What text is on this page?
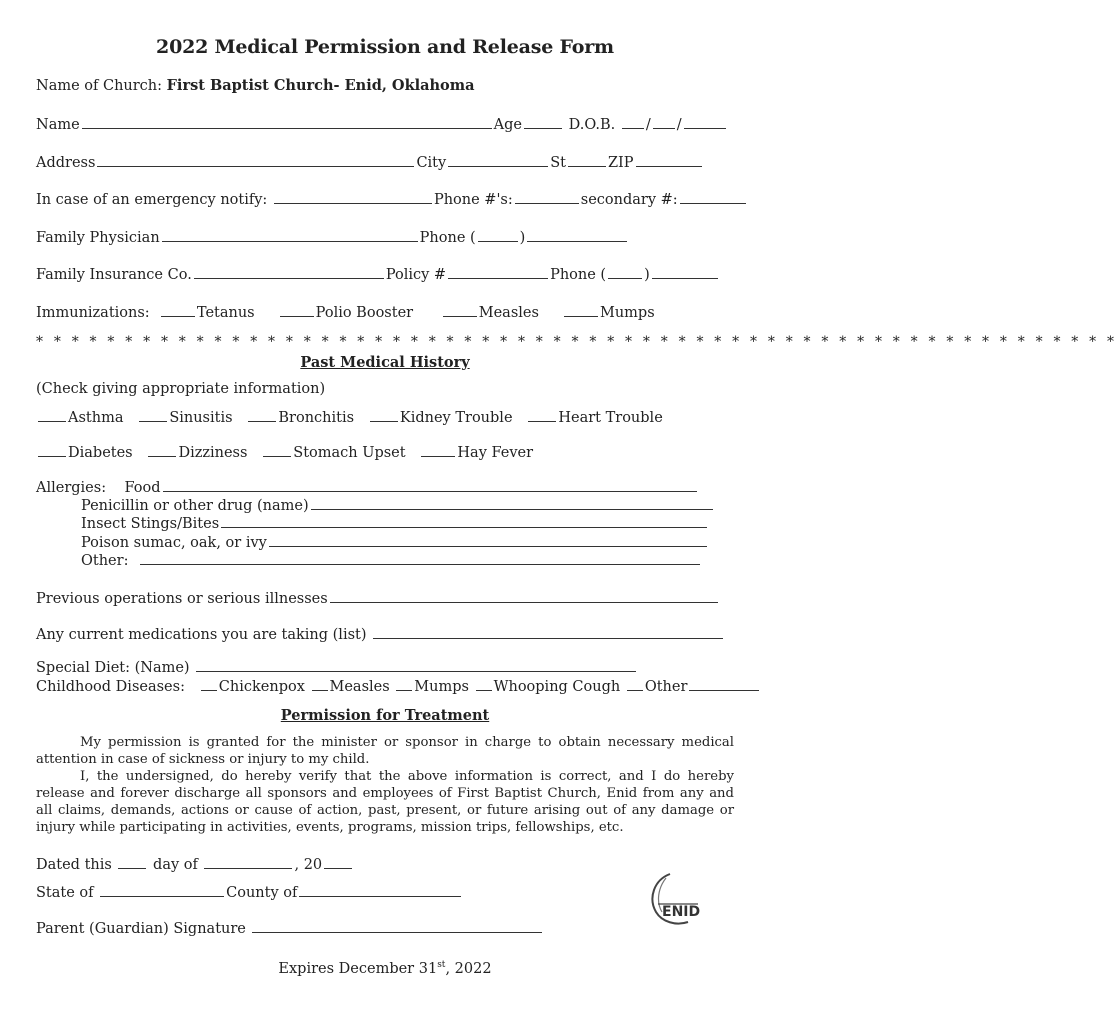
2022 Medical Permission and Release Form
Name of Church: First Baptist Church- Enid, Oklahoma
Name	Age	D.O.B. / /
Address	City	St	ZIP
In case of an emergency notify:	Phone #'s:	secondary #:
Family Physician	Phone (	)
Family Insurance Co.	Policy #	Phone (	)
Immunizations:	Tetanus	Polio Booster	Measles	Mumps
* * * * * * * * * * * * * * * * * * * * * * * * * * * * * * * * * * * * * * * * * * * * * * * * * * * * * * * * * * * * *
Past Medical History
(Check giving appropriate information)
Asthma	Sinusitis	Bronchitis	Kidney Trouble	Heart Trouble
Diabetes	Dizziness	Stomach Upset	Hay Fever
Allergies: Food
Penicillin or other drug (name)
Insect Stings/Bites
Poison sumac, oak, or ivy
Other:
Previous operations or serious illnesses
Any current medications you are taking (list)
Special Diet: (Name)
Childhood Diseases: Chickenpox Measles Mumps Whooping Cough Other
Permission for Treatment
My permission is granted for the minister or sponsor in charge to obtain necessary medical attention in case of sickness or injury to my child.
I, the undersigned, do hereby verify that the above information is correct, and I do hereby release and forever discharge all sponsors and employees of First Baptist Church, Enid from any and all claims, demands, actions or cause of action, past, present, or future arising out of any damage or injury while participating in activities, events, programs, mission trips, fellowships, etc.
Dated this	day of	, 20
State of	County of
Parent (Guardian) Signature
Expires December 31st, 2022
ENID
